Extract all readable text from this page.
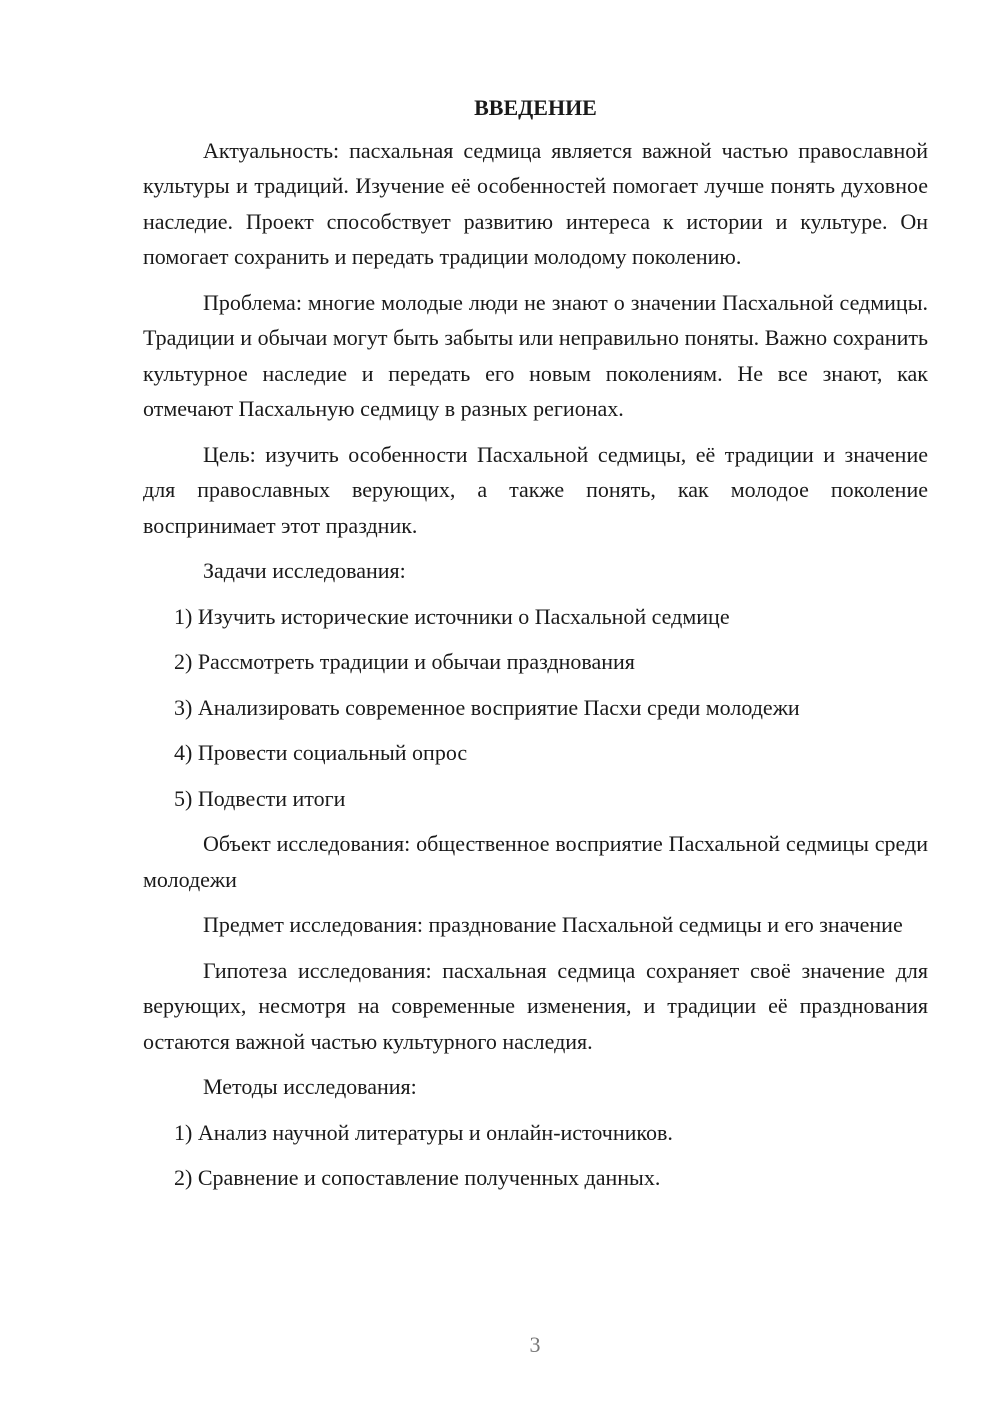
ВВЕДЕНИЕ

Актуальность: пасхальная седмица является важной частью православной культуры и традиций. Изучение её особенностей помогает лучше понять духовное наследие. Проект способствует развитию интереса к истории и культуре. Он помогает сохранить и передать традиции молодому поколению.

Проблема: многие молодые люди не знают о значении Пасхальной седмицы. Традиции и обычаи могут быть забыты или неправильно поняты. Важно сохранить культурное наследие и передать его новым поколениям. Не все знают, как отмечают Пасхальную седмицу в разных регионах.

Цель: изучить особенности Пасхальной седмицы, её традиции и значение для православных верующих, а также понять, как молодое поколение воспринимает этот праздник.

Задачи исследования:

1) Изучить исторические источники о Пасхальной седмице
2) Рассмотреть традиции и обычаи празднования
3) Анализировать современное восприятие Пасхи среди молодежи
4) Провести социальный опрос
5) Подвести итоги

Объект исследования: общественное восприятие Пасхальной седмицы среди молодежи

Предмет исследования: празднование Пасхальной седмицы и его значение

Гипотеза исследования: пасхальная седмица сохраняет своё значение для верующих, несмотря на современные изменения, и традиции её празднования остаются важной частью культурного наследия.

Методы исследования:

1) Анализ научной литературы и онлайн-источников.
2) Сравнение и сопоставление полученных данных.
3
